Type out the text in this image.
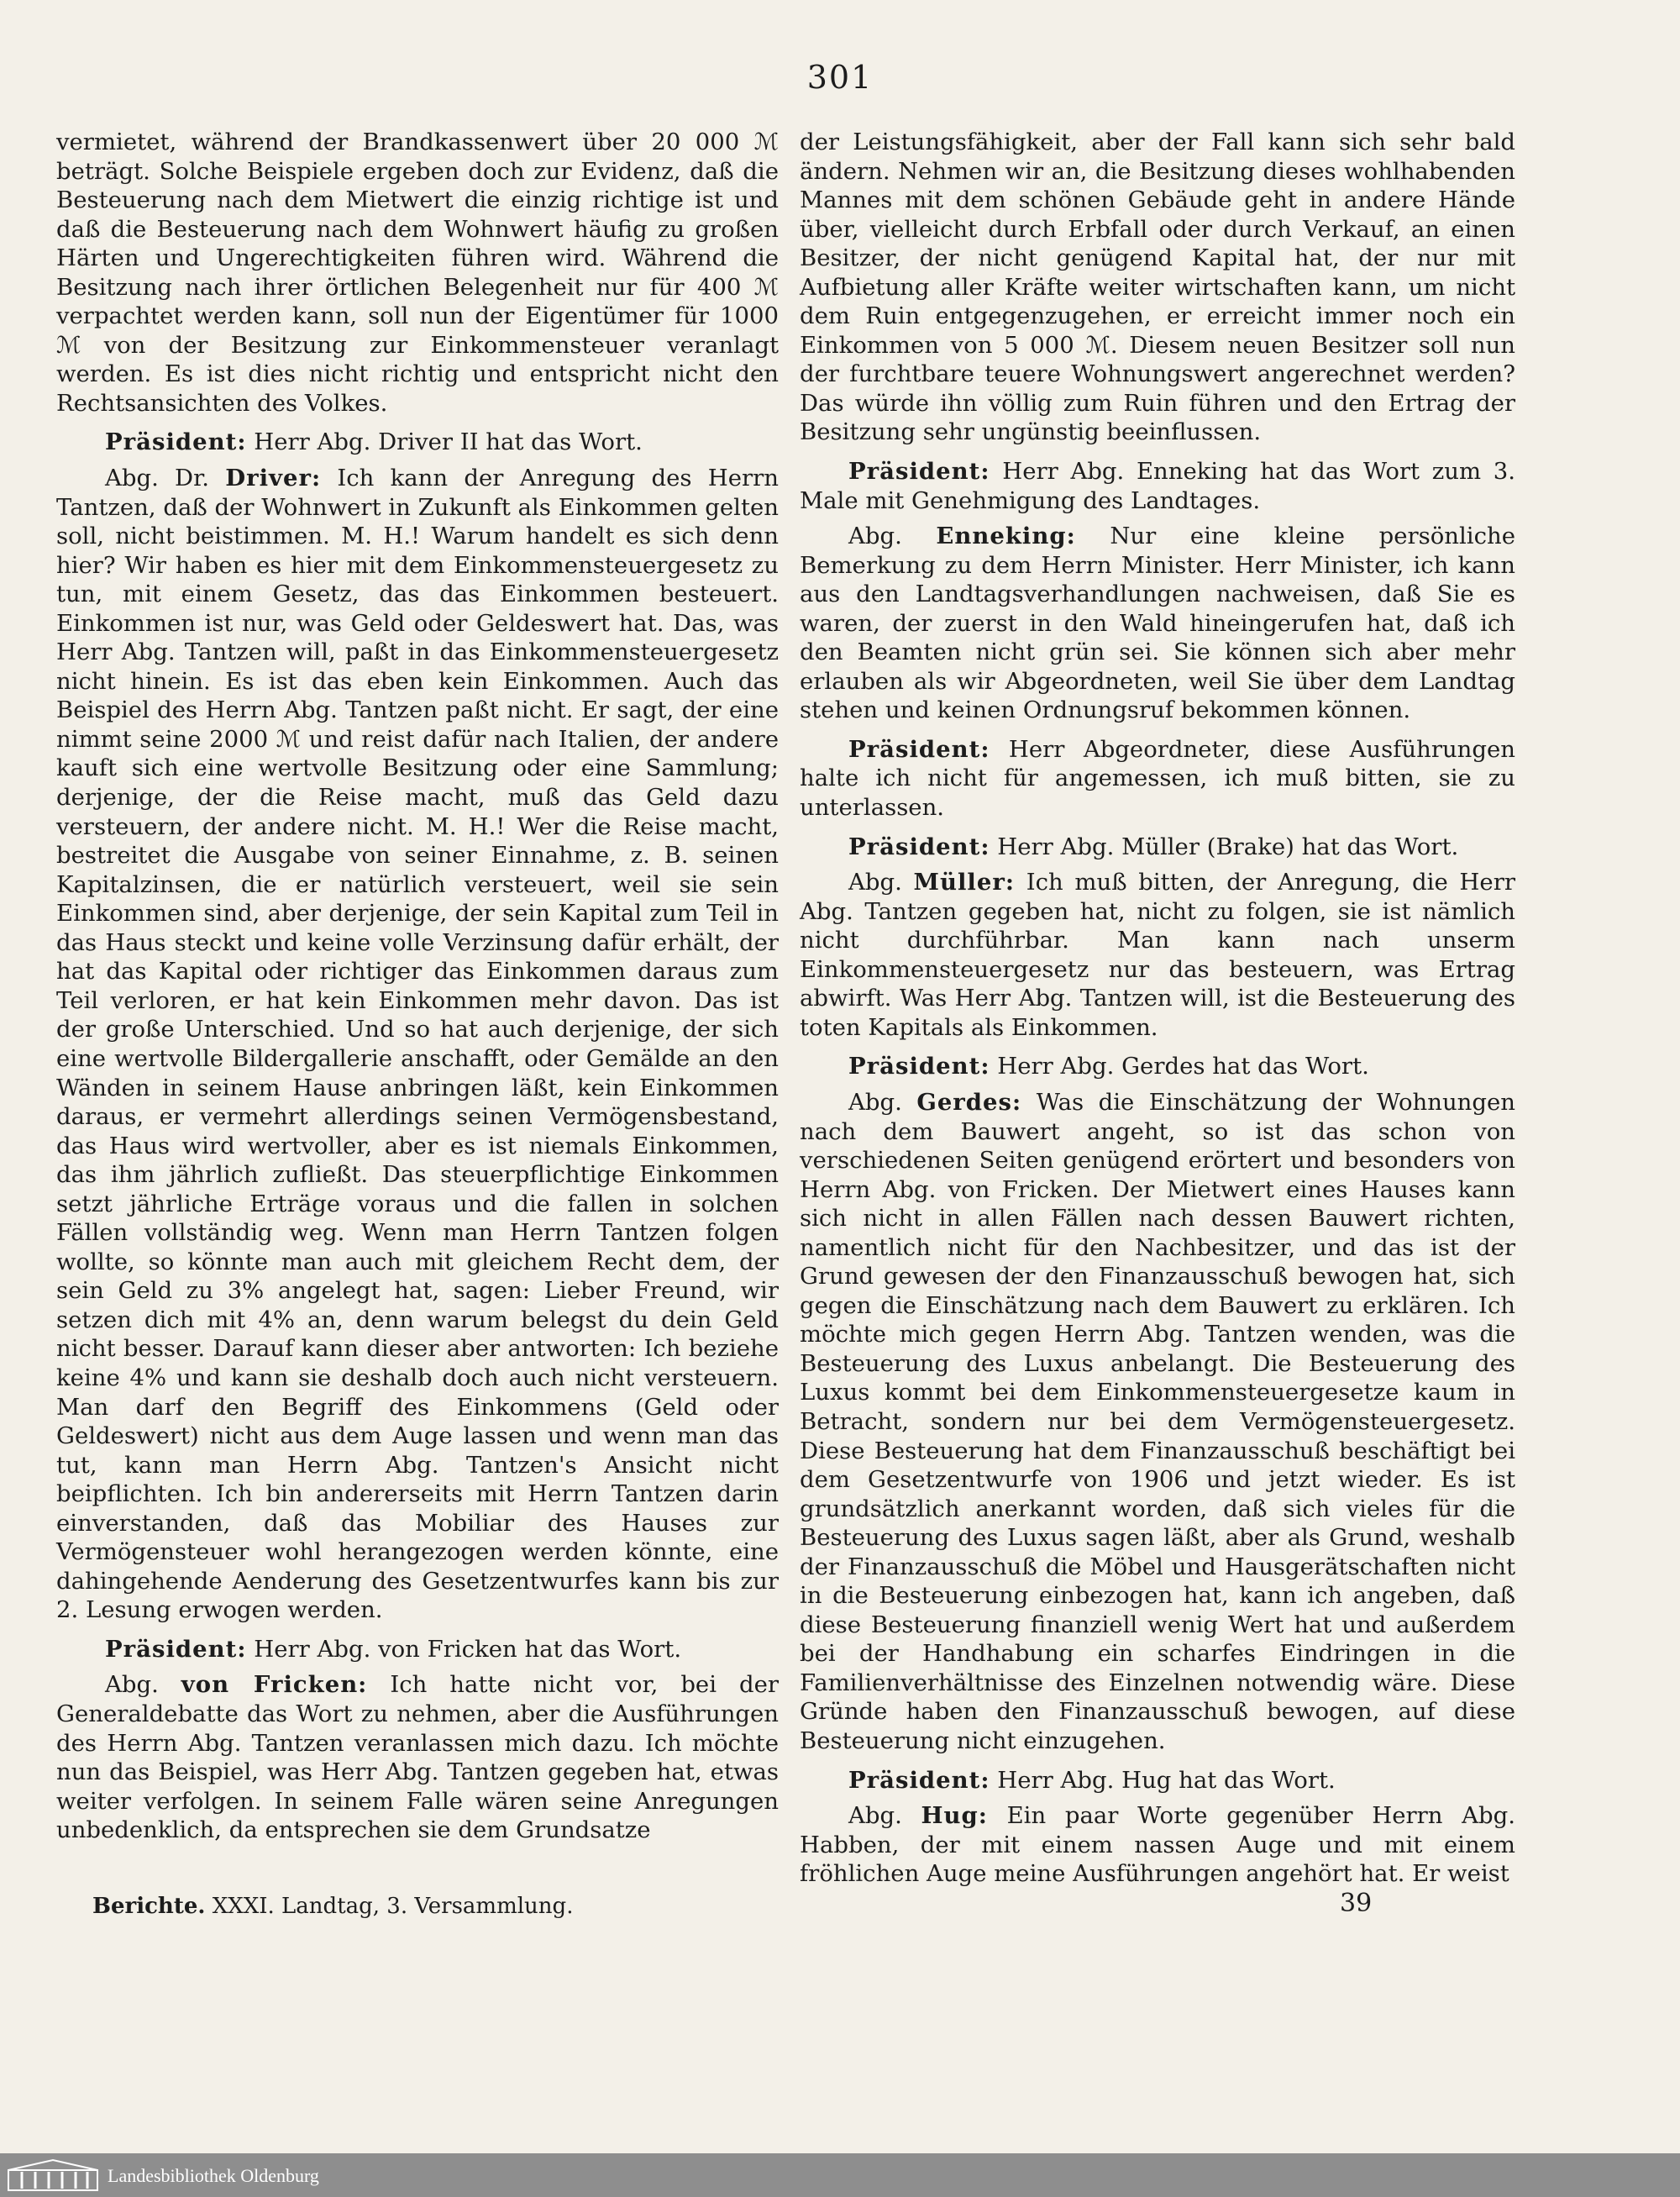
301

vermietet, während der Brandkassenwert über 20 000 ℳ beträgt. Solche Beispiele ergeben doch zur Evidenz, daß die Besteuerung nach dem Mietwert die einzig richtige ist und daß die Besteuerung nach dem Wohnwert häufig zu großen Härten und Ungerechtigkeiten führen wird. Während die Besitzung nach ihrer örtlichen Belegenheit nur für 400 ℳ verpachtet werden kann, soll nun der Eigentümer für 1000 ℳ von der Besitzung zur Einkommensteuer veranlagt werden. Es ist dies nicht richtig und entspricht nicht den Rechtsansichten des Volkes.

Präsident: Herr Abg. Driver II hat das Wort.

Abg. Dr. Driver: Ich kann der Anregung des Herrn Tantzen, daß der Wohnwert in Zukunft als Einkommen gelten soll, nicht beistimmen. M. H.! Warum handelt es sich denn hier? Wir haben es hier mit dem Einkommensteuergesetz zu tun, mit einem Gesetz, das das Einkommen besteuert. Einkommen ist nur, was Geld oder Geldeswert hat. Das, was Herr Abg. Tantzen will, paßt in das Einkommensteuergesetz nicht hinein. Es ist das eben kein Einkommen. Auch das Beispiel des Herrn Abg. Tantzen paßt nicht. Er sagt, der eine nimmt seine 2000 ℳ und reist dafür nach Italien, der andere kauft sich eine wertvolle Besitzung oder eine Sammlung; derjenige, der die Reise macht, muß das Geld dazu versteuern, der andere nicht. M. H.! Wer die Reise macht, bestreitet die Ausgabe von seiner Einnahme, z. B. seinen Kapitalzinsen, die er natürlich versteuert, weil sie sein Einkommen sind, aber derjenige, der sein Kapital zum Teil in das Haus steckt und keine volle Verzinsung dafür erhält, der hat das Kapital oder richtiger das Einkommen daraus zum Teil verloren, er hat kein Einkommen mehr davon. Das ist der große Unterschied. Und so hat auch derjenige, der sich eine wertvolle Bildergallerie anschafft, oder Gemälde an den Wänden in seinem Hause anbringen läßt, kein Einkommen daraus, er vermehrt allerdings seinen Vermögensbestand, das Haus wird wertvoller, aber es ist niemals Einkommen, das ihm jährlich zufließt. Das steuerpflichtige Einkommen setzt jährliche Erträge voraus und die fallen in solchen Fällen vollständig weg. Wenn man Herrn Tantzen folgen wollte, so könnte man auch mit gleichem Recht dem, der sein Geld zu 3% angelegt hat, sagen: Lieber Freund, wir setzen dich mit 4% an, denn warum belegst du dein Geld nicht besser. Darauf kann dieser aber antworten: Ich beziehe keine 4% und kann sie deshalb doch auch nicht versteuern. Man darf den Begriff des Einkommens (Geld oder Geldeswert) nicht aus dem Auge lassen und wenn man das tut, kann man Herrn Abg. Tantzen's Ansicht nicht beipflichten. Ich bin andererseits mit Herrn Tantzen darin einverstanden, daß das Mobiliar des Hauses zur Vermögensteuer wohl herangezogen werden könnte, eine dahingehende Aenderung des Gesetzentwurfes kann bis zur 2. Lesung erwogen werden.

Präsident: Herr Abg. von Fricken hat das Wort.

Abg. von Fricken: Ich hatte nicht vor, bei der Generaldebatte das Wort zu nehmen, aber die Ausführungen des Herrn Abg. Tantzen veranlassen mich dazu. Ich möchte nun das Beispiel, was Herr Abg. Tantzen gegeben hat, etwas weiter verfolgen. In seinem Falle wären seine Anregungen unbedenklich, da entsprechen sie dem Grundsatze

der Leistungsfähigkeit, aber der Fall kann sich sehr bald ändern. Nehmen wir an, die Besitzung dieses wohlhabenden Mannes mit dem schönen Gebäude geht in andere Hände über, vielleicht durch Erbfall oder durch Verkauf, an einen Besitzer, der nicht genügend Kapital hat, der nur mit Aufbietung aller Kräfte weiter wirtschaften kann, um nicht dem Ruin entgegenzugehen, er erreicht immer noch ein Einkommen von 5 000 ℳ. Diesem neuen Besitzer soll nun der furchtbare teuere Wohnungswert angerechnet werden? Das würde ihn völlig zum Ruin führen und den Ertrag der Besitzung sehr ungünstig beeinflussen.

Präsident: Herr Abg. Enneking hat das Wort zum 3. Male mit Genehmigung des Landtages.

Abg. Enneking: Nur eine kleine persönliche Bemerkung zu dem Herrn Minister. Herr Minister, ich kann aus den Landtagsverhandlungen nachweisen, daß Sie es waren, der zuerst in den Wald hineingerufen hat, daß ich den Beamten nicht grün sei. Sie können sich aber mehr erlauben als wir Abgeordneten, weil Sie über dem Landtag stehen und keinen Ordnungsruf bekommen können.

Präsident: Herr Abgeordneter, diese Ausführungen halte ich nicht für angemessen, ich muß bitten, sie zu unterlassen.

Präsident: Herr Abg. Müller (Brake) hat das Wort.

Abg. Müller: Ich muß bitten, der Anregung, die Herr Abg. Tantzen gegeben hat, nicht zu folgen, sie ist nämlich nicht durchführbar. Man kann nach unserm Einkommensteuergesetz nur das besteuern, was Ertrag abwirft. Was Herr Abg. Tantzen will, ist die Besteuerung des toten Kapitals als Einkommen.

Präsident: Herr Abg. Gerdes hat das Wort.

Abg. Gerdes: Was die Einschätzung der Wohnungen nach dem Bauwert angeht, so ist das schon von verschiedenen Seiten genügend erörtert und besonders von Herrn Abg. von Fricken. Der Mietwert eines Hauses kann sich nicht in allen Fällen nach dessen Bauwert richten, namentlich nicht für den Nachbesitzer, und das ist der Grund gewesen der den Finanzausschuß bewogen hat, sich gegen die Einschätzung nach dem Bauwert zu erklären. Ich möchte mich gegen Herrn Abg. Tantzen wenden, was die Besteuerung des Luxus anbelangt. Die Besteuerung des Luxus kommt bei dem Einkommensteuergesetze kaum in Betracht, sondern nur bei dem Vermögensteuergesetz. Diese Besteuerung hat dem Finanzausschuß beschäftigt bei dem Gesetzentwurfe von 1906 und jetzt wieder. Es ist grundsätzlich anerkannt worden, daß sich vieles für die Besteuerung des Luxus sagen läßt, aber als Grund, weshalb der Finanzausschuß die Möbel und Hausgerätschaften nicht in die Besteuerung einbezogen hat, kann ich angeben, daß diese Besteuerung finanziell wenig Wert hat und außerdem bei der Handhabung ein scharfes Eindringen in die Familienverhältnisse des Einzelnen notwendig wäre. Diese Gründe haben den Finanzausschuß bewogen, auf diese Besteuerung nicht einzugehen.

Präsident: Herr Abg. Hug hat das Wort.

Abg. Hug: Ein paar Worte gegenüber Herrn Abg. Habben, der mit einem nassen Auge und mit einem fröhlichen Auge meine Ausführungen angehört hat. Er weist

Berichte. XXXI. Landtag, 3. Versammlung.	39
Landesbibliothek Oldenburg
